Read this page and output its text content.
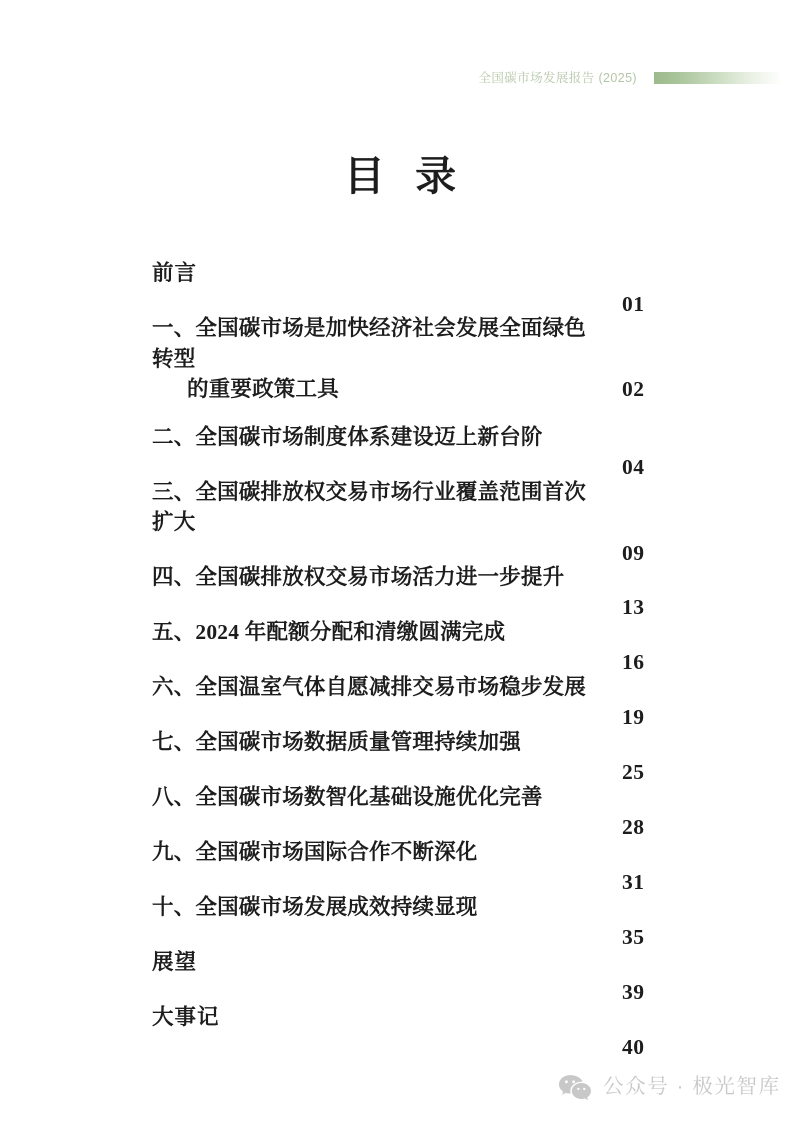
全国碳市场发展报告 (2025)
目 录
前言
01
一、全国碳市场是加快经济社会发展全面绿色转型
的重要政策工具	02
二、全国碳市场制度体系建设迈上新台阶
04
三、全国碳排放权交易市场行业覆盖范围首次扩大
09
四、全国碳排放权交易市场活力进一步提升
13
五、2024 年配额分配和清缴圆满完成
16
六、全国温室气体自愿减排交易市场稳步发展
19
七、全国碳市场数据质量管理持续加强
25
八、全国碳市场数智化基础设施优化完善
28
九、全国碳市场国际合作不断深化
31
十、全国碳市场发展成效持续显现
35
展望
39
大事记
40
公众号 · 极光智库
